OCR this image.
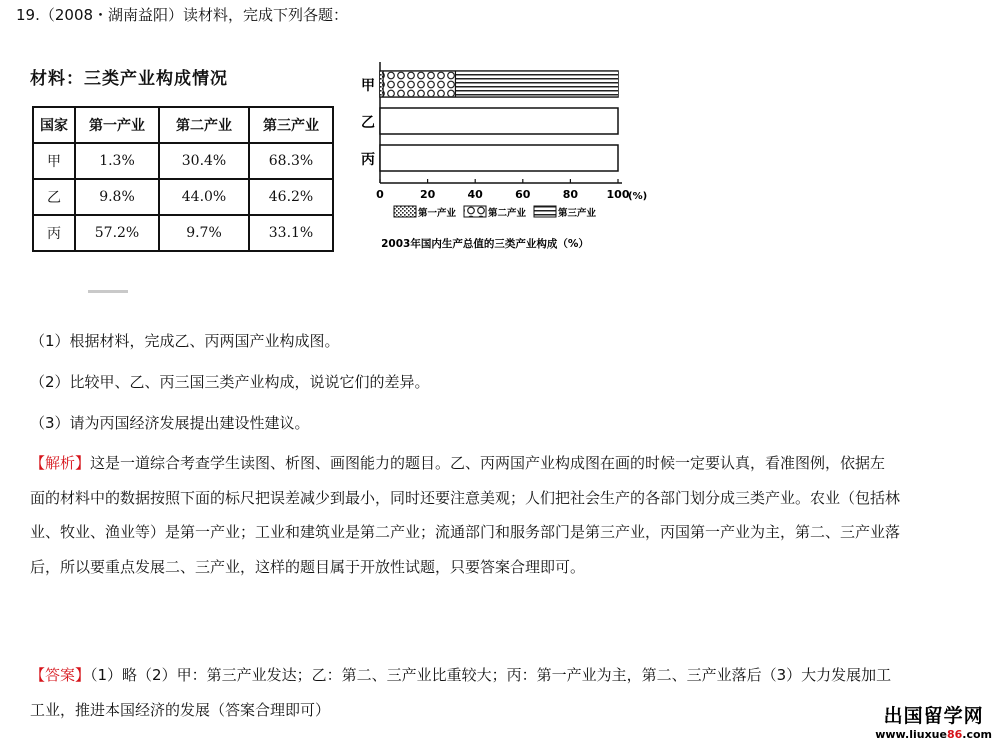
19.（2008・湖南益阳）读材料，完成下列各题：
材料：三类产业构成情况
国家	第一产业	第二产业	第三产业
甲	1.3%	30.4%	68.3%
乙	9.8%	44.0%	46.2%
丙	57.2%	9.7%	33.1%
甲
乙
丙
0	20	40	60	80	100
(%)
第一产业	第二产业	第三产业
2003年国内生产总值的三类产业构成（%）
（1）根据材料，完成乙、丙两国产业构成图。
（2）比较甲、乙、丙三国三类产业构成，说说它们的差异。
（3）请为丙国经济发展提出建设性建议。
【解析】这是一道综合考查学生读图、析图、画图能力的题目。乙、丙两国产业构成图在画的时候一定要认真，看准图例，依据左面的材料中的数据按照下面的标尺把误差减少到最小，同时还要注意美观；人们把社会生产的各部门划分成三类产业。农业（包括林业、牧业、渔业等）是第一产业；工业和建筑业是第二产业；流通部门和服务部门是第三产业，丙国第一产业为主，第二、三产业落后，所以要重点发展二、三产业，这样的题目属于开放性试题，只要答案合理即可。
【答案】（1）略（2）甲：第三产业发达；乙：第二、三产业比重较大；丙：第一产业为主，第二、三产业落后（3）大力发展加工工业，推进本国经济的发展（答案合理即可）	出国留学网
www.liuxue86.com
